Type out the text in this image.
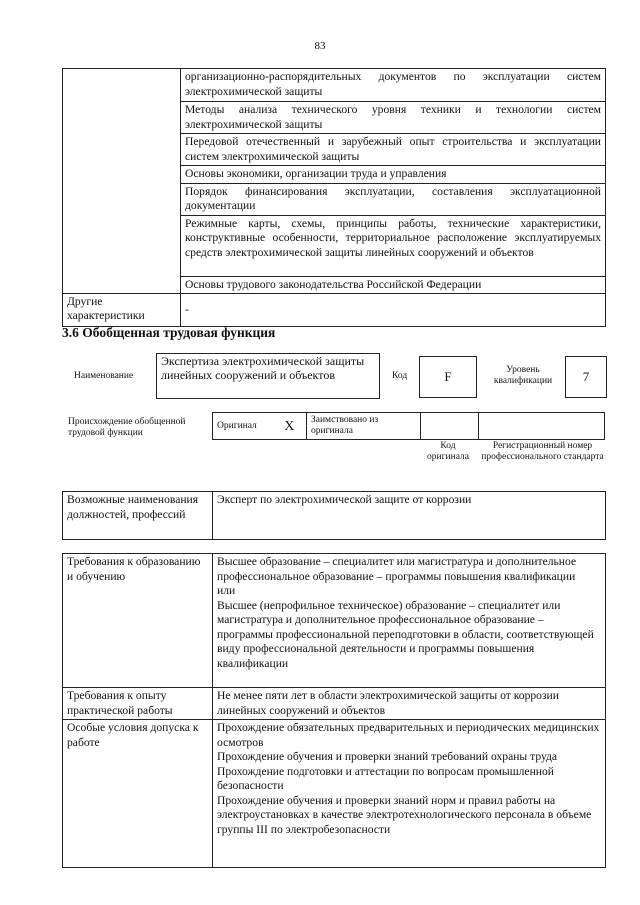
83
	организационно-распорядительных документов по эксплуатации систем электрохимической защиты
	Методы анализа технического уровня техники и технологии систем электрохимической защиты
	Передовой отечественный и зарубежный опыт строительства и эксплуатации систем электрохимической защиты
	Основы экономики, организации труда и управления
	Порядок финансирования эксплуатации, составления эксплуатационной документации
	Режимные карты, схемы, принципы работы, технические характеристики, конструктивные особенности, территориальное расположение эксплуатируемых средств электрохимической защиты линейных сооружений и объектов
	Основы трудового законодательства Российской Федерации
Другие характеристики	-
3.6 Обобщенная трудовая функция
Наименование
Экспертиза электрохимической защиты линейных сооружений и объектов	Код	F	Уровень квалификации	7
Происхождение обобщенной трудовой функции
Оригинал	X	Заимствовано из оригинала		
Код оригинала
Регистрационный номер профессионального стандарта
Возможные наименования должностей, профессий	Эксперт по электрохимической защите от коррозии
Требования к образованию и обучению	Высшее образование – специалитет или магистратура и дополнительное профессиональное образование – программы повышения квалификации

или

Высшее (непрофильное техническое) образование – специалитет или магистратура и дополнительное профессиональное образование – программы профессиональной переподготовки в области, соответствующей виду профессиональной деятельности и программы повышения квалификации

Требования к опыту практической работы	Не менее пяти лет в области электрохимической защиты от коррозии линейных сооружений и объектов

Особые условия допуска к работе	Прохождение обязательных предварительных и периодических медицинских осмотров

Прохождение обучения и проверки знаний требований охраны труда

Прохождение подготовки и аттестации по вопросам промышленной безопасности

Прохождение обучения и проверки знаний норм и правил работы на электроустановках в качестве электротехнологического персонала в объеме группы III по электробезопасности
